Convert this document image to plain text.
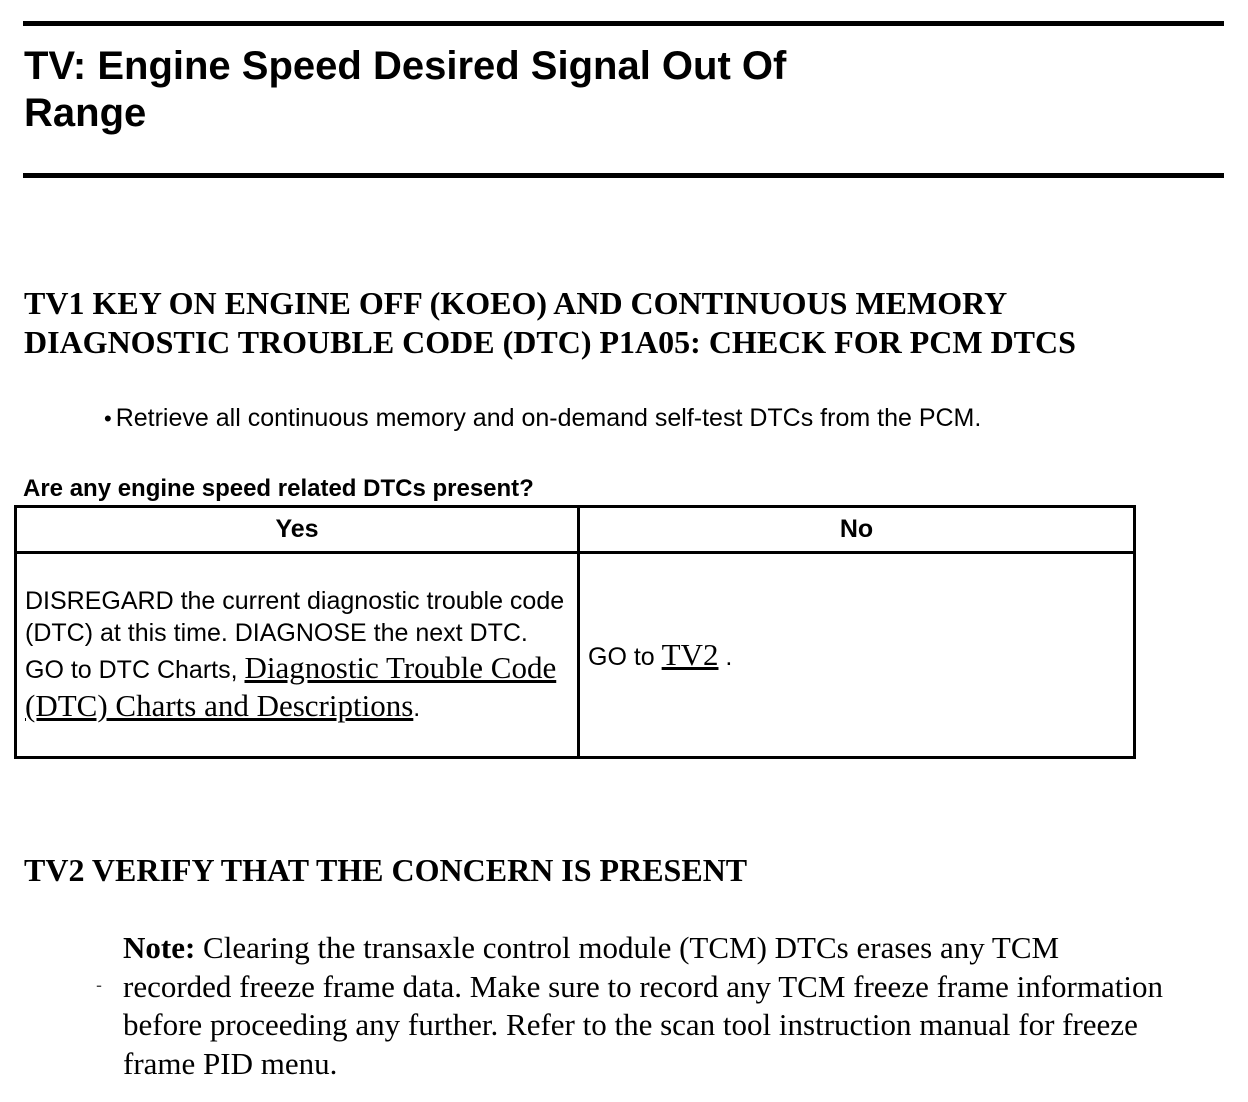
TV: Engine Speed Desired Signal Out Of
Range
TV1 KEY ON ENGINE OFF (KOEO) AND CONTINUOUS MEMORY
DIAGNOSTIC TROUBLE CODE (DTC) P1A05: CHECK FOR PCM DTCS
• Retrieve all continuous memory and on-demand self-test DTCs from the PCM.
Are any engine speed related DTCs present?
Yes	No
DISREGARD the current diagnostic trouble code (DTC) at this time. DIAGNOSE the next DTC. GO to DTC Charts, Diagnostic Trouble Code (DTC) Charts and Descriptions.	GO to TV2 .
TV2 VERIFY THAT THE CONCERN IS PRESENT
-
Note: Clearing the transaxle control module (TCM) DTCs erases any TCM recorded freeze frame data. Make sure to record any TCM freeze frame information before proceeding any further. Refer to the scan tool instruction manual for freeze frame PID menu.
